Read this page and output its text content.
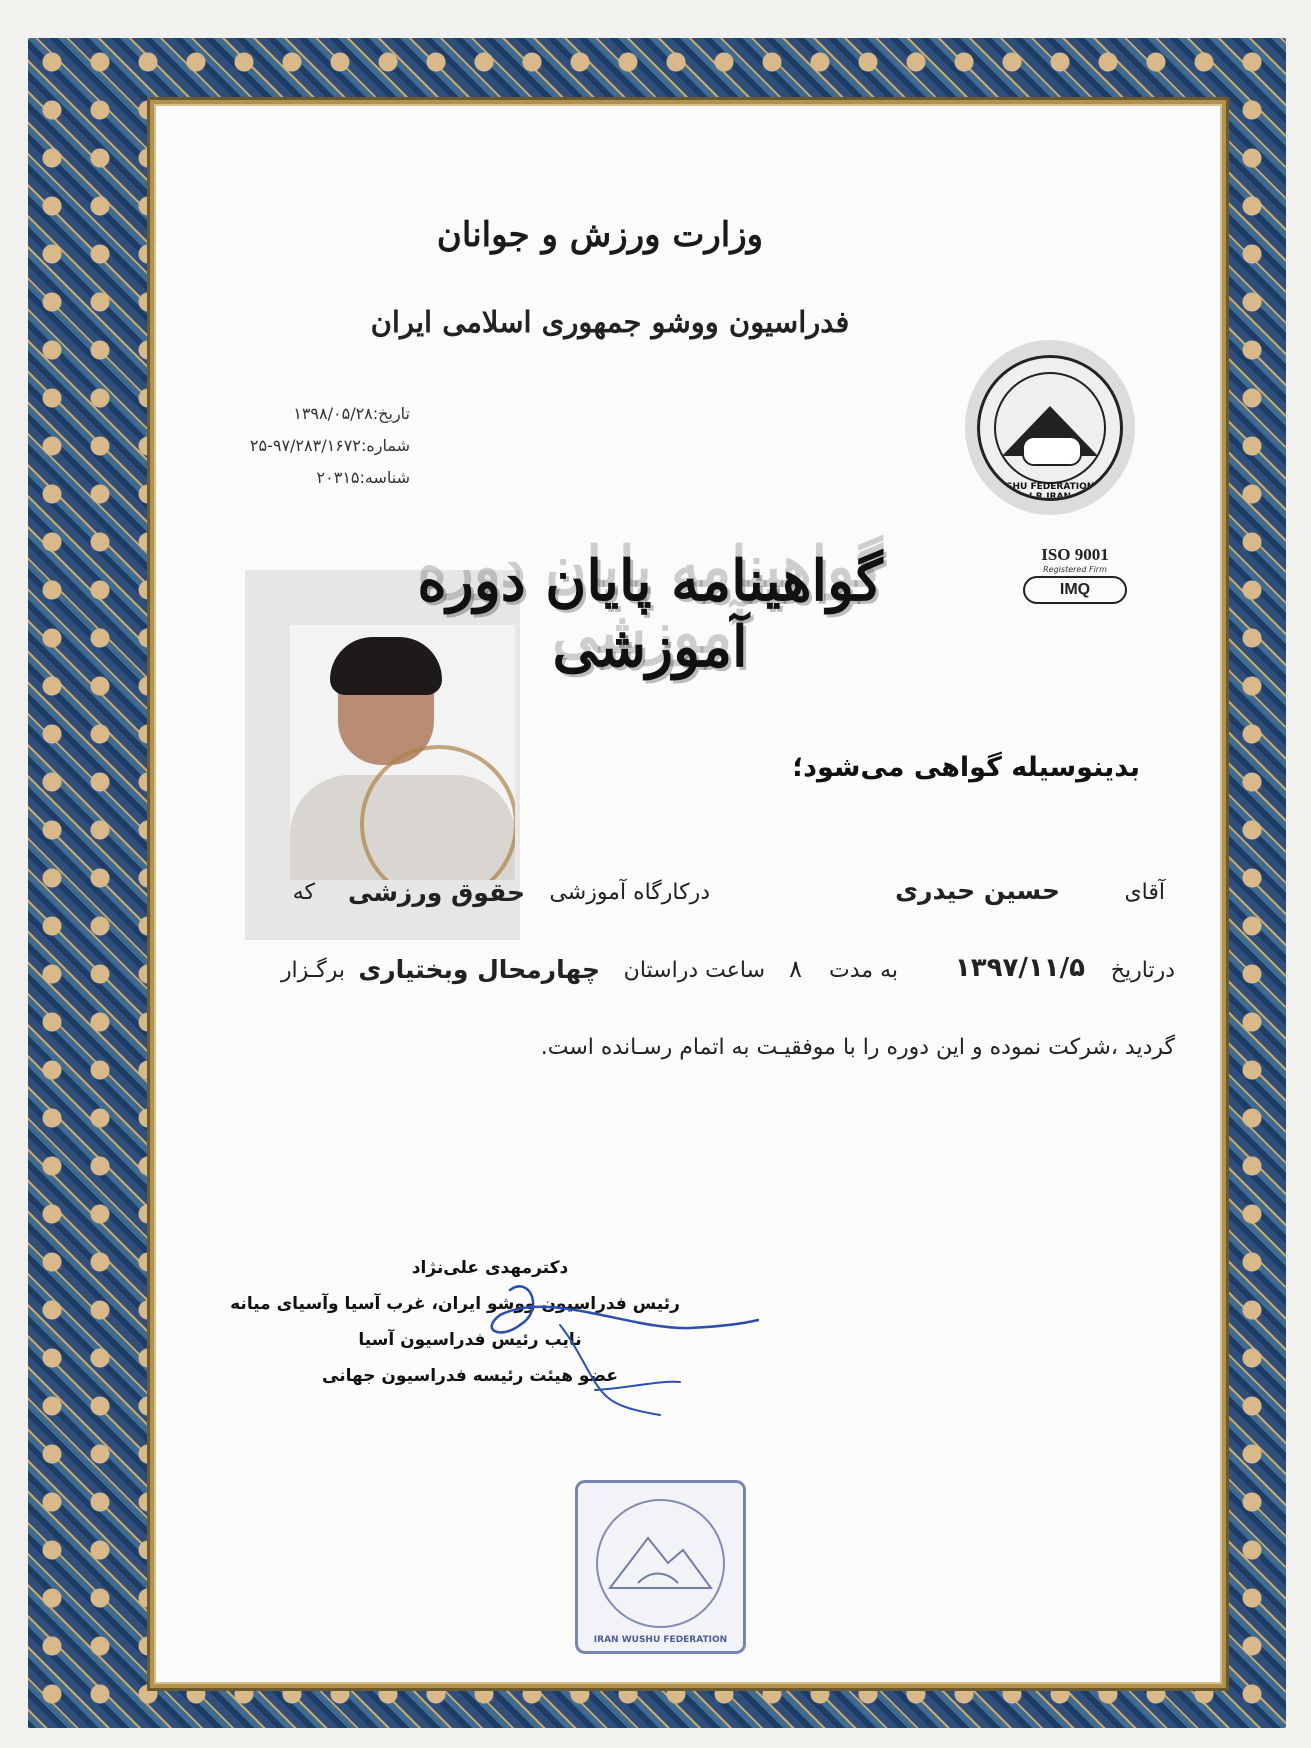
وزارت ورزش و جوانان
فدراسیون ووشو جمهوری اسلامی ایران
تاریخ:۱۳۹۸/۰۵/۲۸
شماره:۹۷/۲۸۳/۱۶۷۲-۲۵
شناسه:۲۰۳۱۵	WUSHU FEDERATION OF I.R.IRAN
ISO 9001
Registered Firm
IMQ
گواهینامه پایان دوره آموزشی
بدینوسیله گواهی می‌شود؛
آقای
حسین حیدری
درکارگاه آموزشی
حقوق ورزشی
که
درتاریخ
۱۳۹۷/۱۱/۵
به مدت
۸
ساعت دراستان
چهارمحال وبختیاری
برگـزار
گردید ،شرکت نموده و این دوره را با موفقیـت به اتمام رسـانده است.
دکترمهدی علی‌نژاد
رئیس فدراسیون ووشو ایران، غرب آسیا وآسیای میانه
نایب رئیس فدراسیون آسیا
عضو هیئت رئیسه فدراسیون جهانی
IRAN WUSHU FEDERATION
